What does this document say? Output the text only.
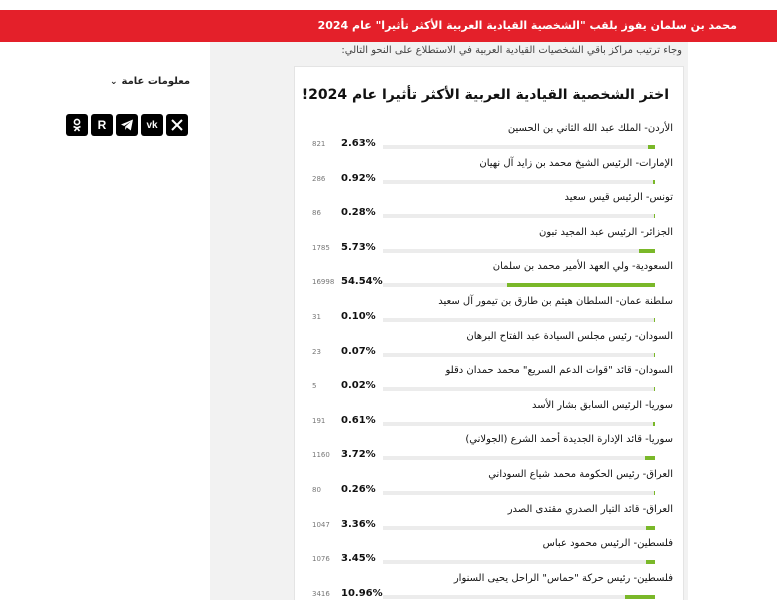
محمد بن سلمان يفوز بلقب "الشخصية القيادية العربية الأكثر تأثيرا" عام 2024
معلومات عامة
⌄
R	vk
وجاء ترتيب مراكز باقي الشخصيات القيادية العربية في الاستطلاع على النحو التالي:
اختر الشخصية القيادية العربية الأكثر تأثيرا عام 2024!
الأردن- الملك عبد الله الثاني بن الحسين
821 2.63%
الإمارات- الرئيس الشيخ محمد بن زايد آل نهيان
286 0.92%
تونس- الرئيس قيس سعيد
86 0.28%
الجزائر- الرئيس عبد المجيد تبون
1785 5.73%
السعودية- ولي العهد الأمير محمد بن سلمان
16998 54.54%
سلطنة عمان- السلطان هيثم بن طارق بن تيمور آل سعيد
31 0.10%
السودان- رئيس مجلس السيادة عبد الفتاح البرهان
23 0.07%
السودان- قائد "قوات الدعم السريع" محمد حمدان دقلو
5 0.02%
سوريا- الرئيس السابق بشار الأسد
191 0.61%
سوريا- قائد الإدارة الجديدة أحمد الشرع (الجولاني)
1160 3.72%
العراق- رئيس الحكومة محمد شياع السوداني
80 0.26%
العراق- قائد التيار الصدري مقتدى الصدر
1047 3.36%
فلسطين- الرئيس محمود عباس
1076 3.45%
فلسطين- رئيس حركة "حماس" الراحل يحيى السنوار
3416 10.96%
